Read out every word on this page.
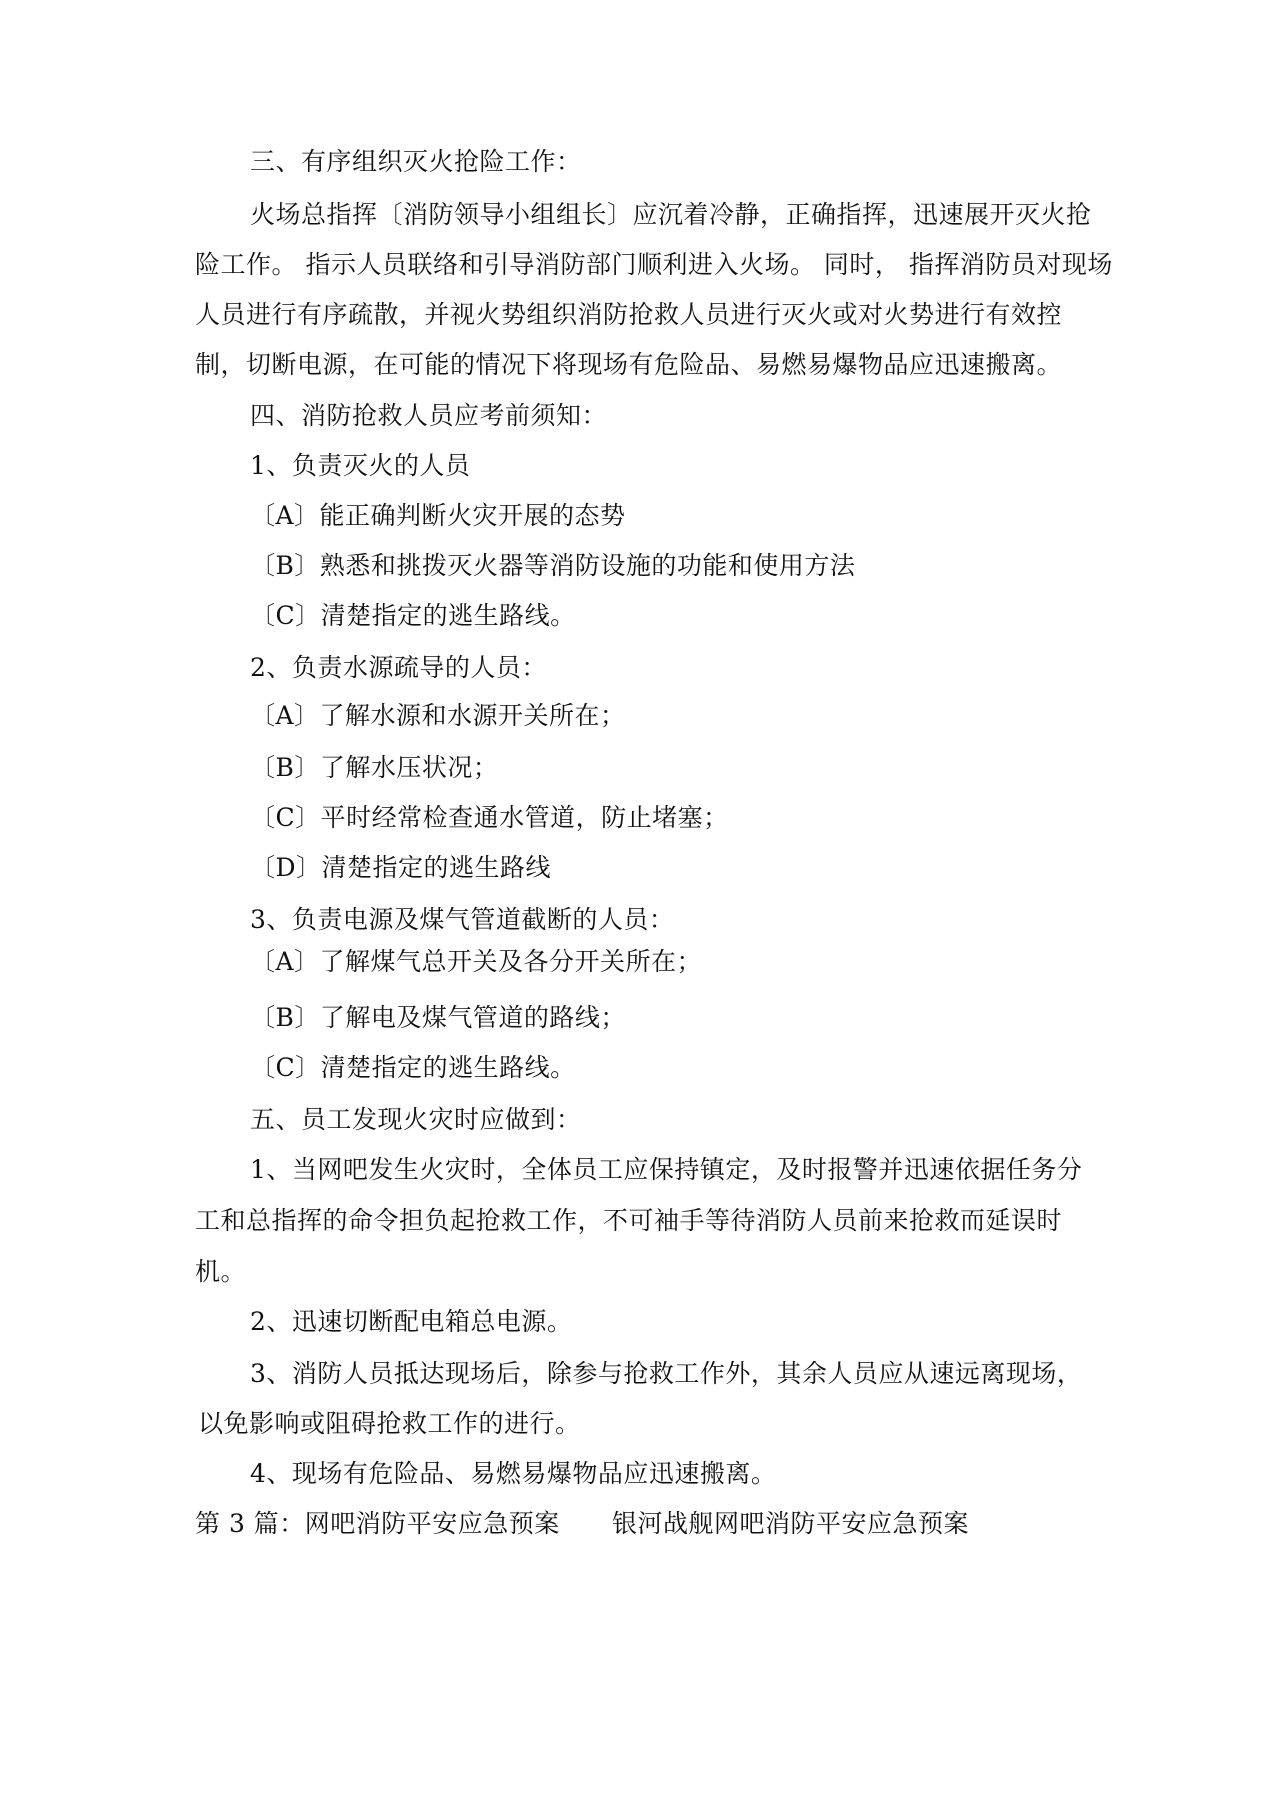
三、有序组织灭火抢险工作：

火场总指挥〔消防领导小组组长〕应沉着冷静，正确指挥，迅速展开灭火抢

险工作。 指示人员联络和引导消防部门顺利进入火场。 同时， 指挥消防员对现场

人员进行有序疏散，并视火势组织消防抢救人员进行灭火或对火势进行有效控

制，切断电源，在可能的情况下将现场有危险品、易燃易爆物品应迅速搬离。

四、消防抢救人员应考前须知：

1、负责灭火的人员

〔A〕能正确判断火灾开展的态势

〔B〕熟悉和挑拨灭火器等消防设施的功能和使用方法

〔C〕清楚指定的逃生路线。

2、负责水源疏导的人员：

〔A〕了解水源和水源开关所在；

〔B〕了解水压状况；

〔C〕平时经常检查通水管道，防止堵塞；

〔D〕清楚指定的逃生路线

3、负责电源及煤气管道截断的人员：

〔A〕了解煤气总开关及各分开关所在；

〔B〕了解电及煤气管道的路线；

〔C〕清楚指定的逃生路线。

五、员工发现火灾时应做到：

1、当网吧发生火灾时，全体员工应保持镇定，及时报警并迅速依据任务分

工和总指挥的命令担负起抢救工作，不可袖手等待消防人员前来抢救而延误时

机。

2、迅速切断配电箱总电源。

3、消防人员抵达现场后，除参与抢救工作外，其余人员应从速远离现场，

以免影响或阻碍抢救工作的进行。

4、现场有危险品、易燃易爆物品应迅速搬离。

第 3 篇：网吧消防平安应急预案 银河战舰网吧消防平安应急预案
